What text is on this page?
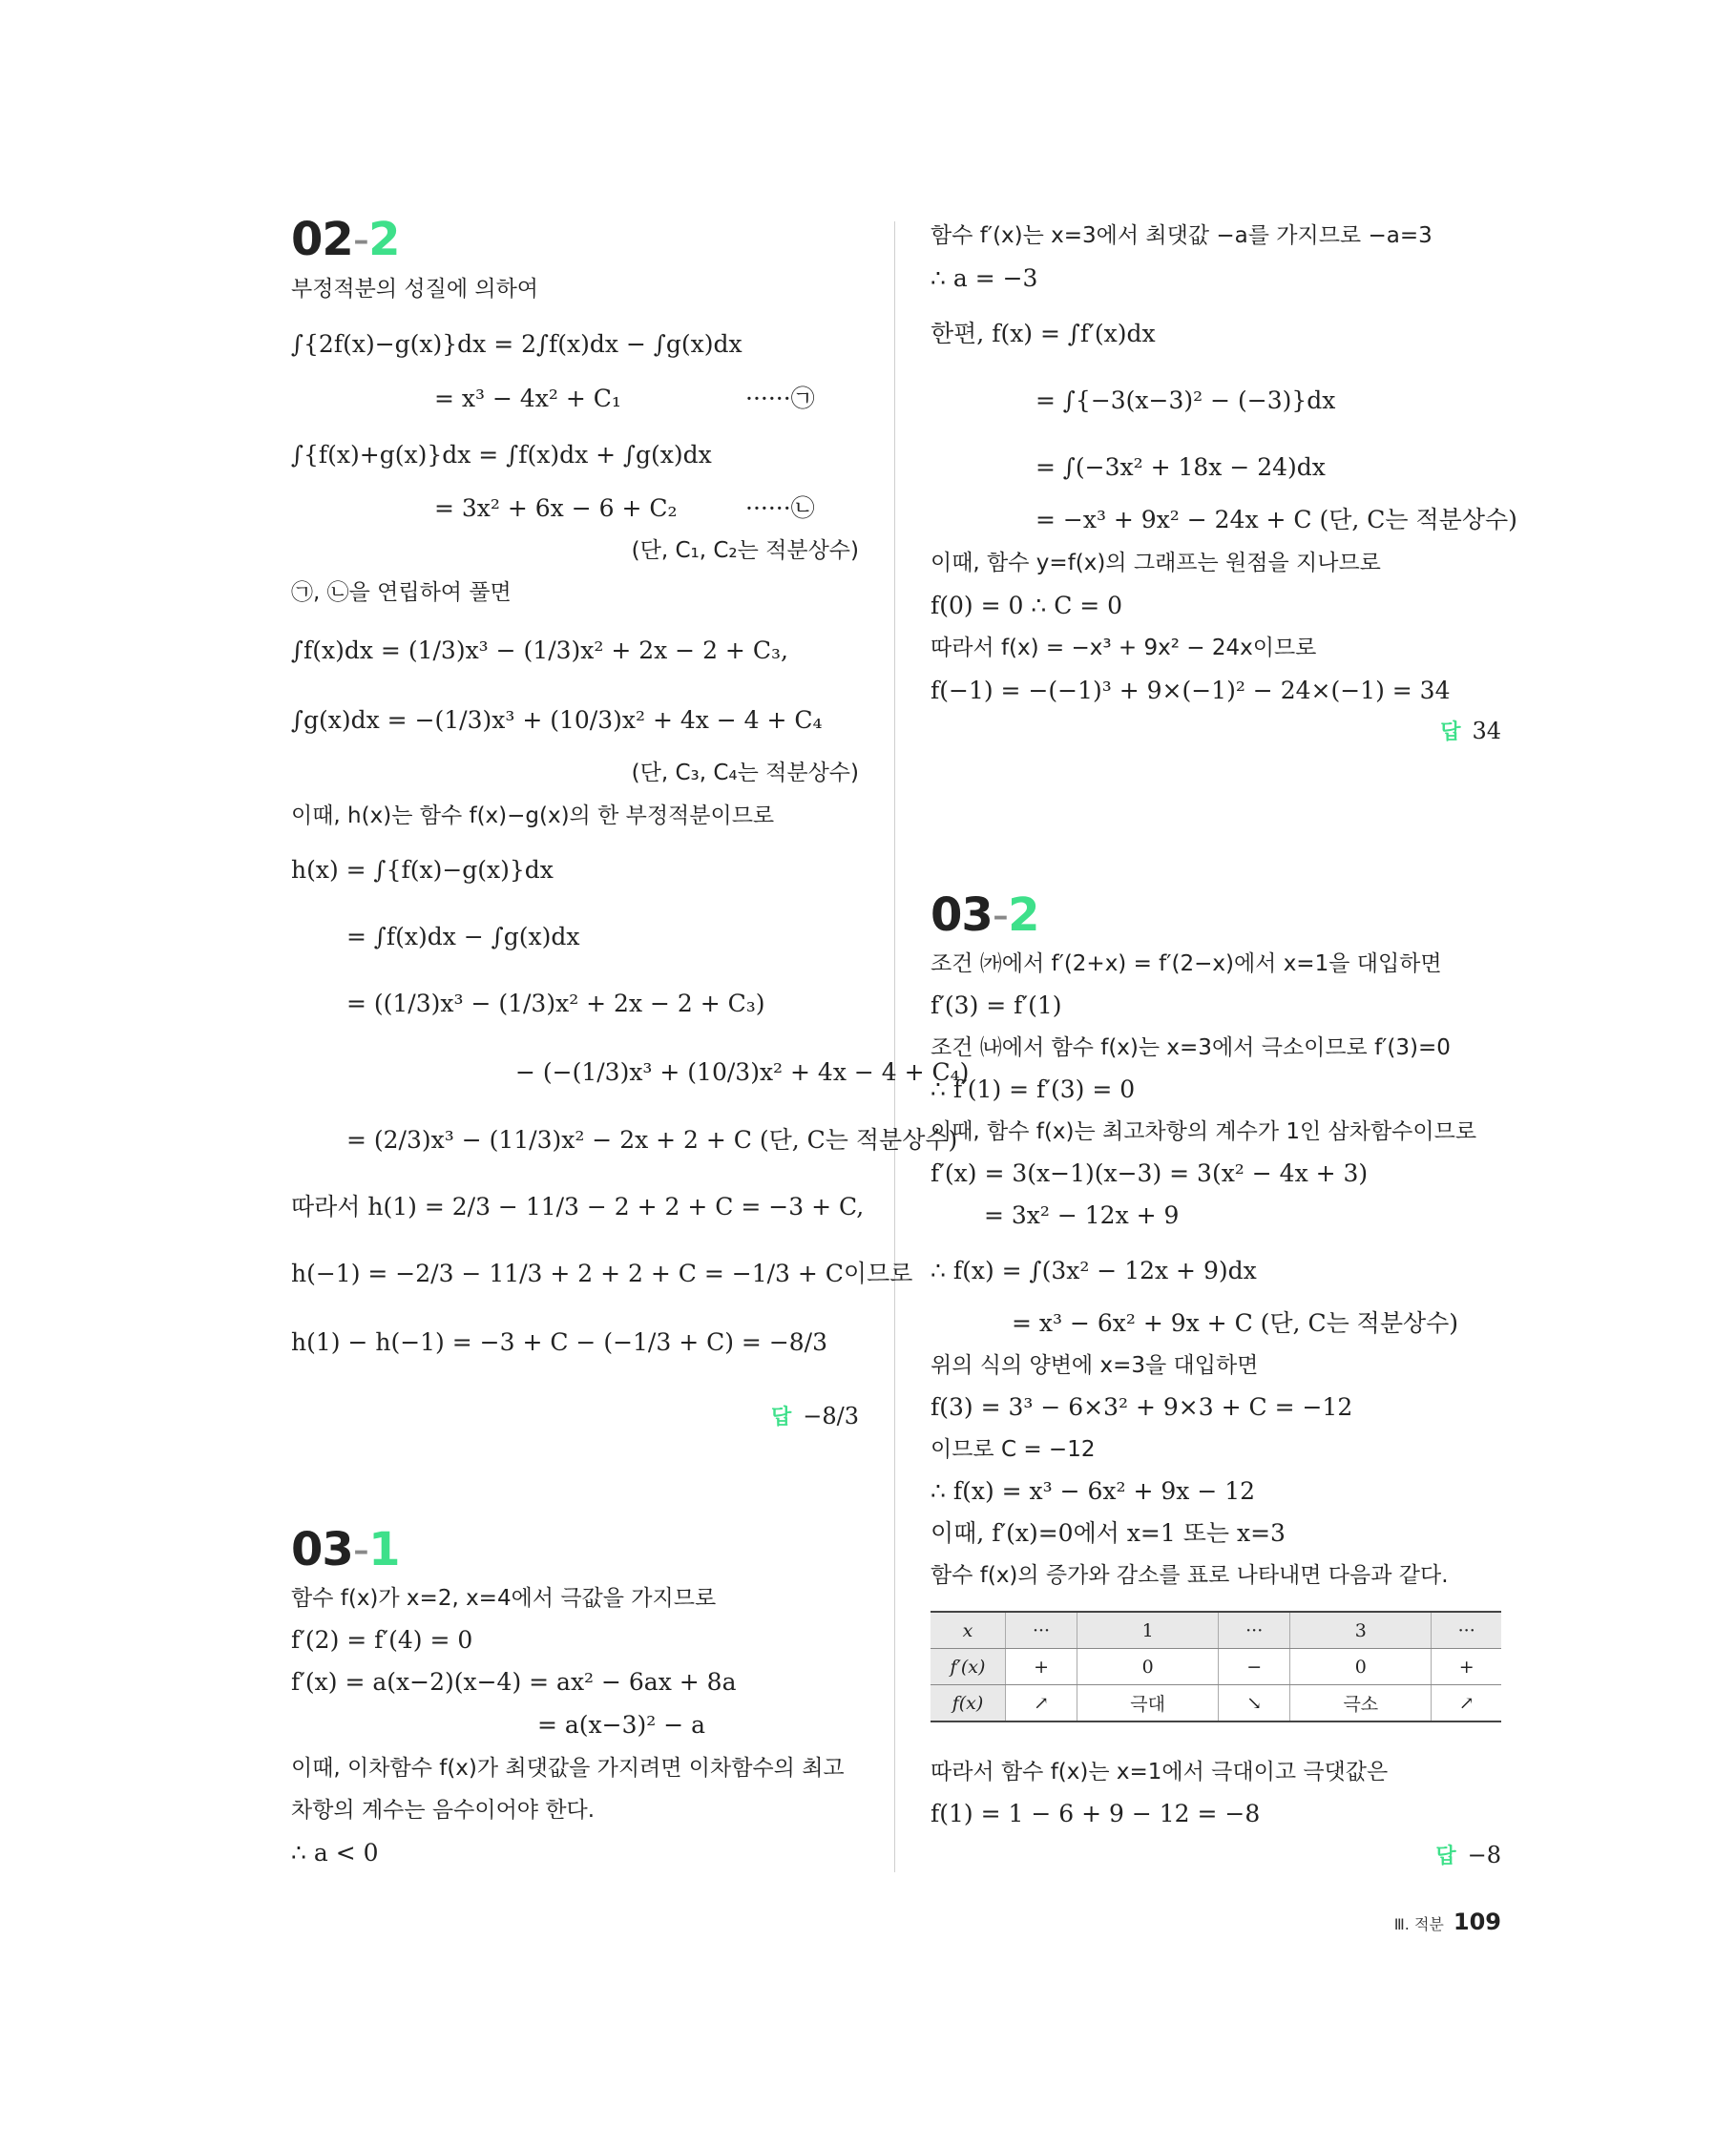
02-2
부정적분의 성질에 의하여
∫{2f(x)−g(x)}dx = 2∫f(x)dx − ∫g(x)dx
= x³ − 4x² + C₁	······㉠
∫{f(x)+g(x)}dx = ∫f(x)dx + ∫g(x)dx
= 3x² + 6x − 6 + C₂	······㉡
(단, C₁, C₂는 적분상수)
㉠, ㉡을 연립하여 풀면
∫f(x)dx = (1/3)x³ − (1/3)x² + 2x − 2 + C₃,
∫g(x)dx = −(1/3)x³ + (10/3)x² + 4x − 4 + C₄
(단, C₃, C₄는 적분상수)
이때, h(x)는 함수 f(x)−g(x)의 한 부정적분이므로
h(x) = ∫{f(x)−g(x)}dx
= ∫f(x)dx − ∫g(x)dx
= ((1/3)x³ − (1/3)x² + 2x − 2 + C₃)
− (−(1/3)x³ + (10/3)x² + 4x − 4 + C₄)
= (2/3)x³ − (11/3)x² − 2x + 2 + C (단, C는 적분상수)
따라서 h(1) = 2/3 − 11/3 − 2 + 2 + C = −3 + C,
h(−1) = −2/3 − 11/3 + 2 + 2 + C = −1/3 + C이므로
h(1) − h(−1) = −3 + C − (−1/3 + C) = −8/3
답 −8/3
03-1
함수 f(x)가 x=2, x=4에서 극값을 가지므로
f′(2) = f′(4) = 0
f′(x) = a(x−2)(x−4) = ax² − 6ax + 8a
= a(x−3)² − a
이때, 이차함수 f(x)가 최댓값을 가지려면 이차함수의 최고
차항의 계수는 음수이어야 한다.
∴ a < 0
함수 f′(x)는 x=3에서 최댓값 −a를 가지므로 −a=3
∴ a = −3
한편, f(x) = ∫f′(x)dx
= ∫{−3(x−3)² − (−3)}dx
= ∫(−3x² + 18x − 24)dx
= −x³ + 9x² − 24x + C (단, C는 적분상수)
이때, 함수 y=f(x)의 그래프는 원점을 지나므로
f(0) = 0 ∴ C = 0
따라서 f(x) = −x³ + 9x² − 24x이므로
f(−1) = −(−1)³ + 9×(−1)² − 24×(−1) = 34
답 34
03-2
조건 ㈎에서 f′(2+x) = f′(2−x)에서 x=1을 대입하면
f′(3) = f′(1)
조건 ㈏에서 함수 f(x)는 x=3에서 극소이므로 f′(3)=0
∴ f′(1) = f′(3) = 0
이때, 함수 f(x)는 최고차항의 계수가 1인 삼차함수이므로
f′(x) = 3(x−1)(x−3) = 3(x² − 4x + 3)
= 3x² − 12x + 9
∴ f(x) = ∫(3x² − 12x + 9)dx
= x³ − 6x² + 9x + C (단, C는 적분상수)
위의 식의 양변에 x=3을 대입하면
f(3) = 3³ − 6×3² + 9×3 + C = −12
이므로 C = −12
∴ f(x) = x³ − 6x² + 9x − 12
이때, f′(x)=0에서 x=1 또는 x=3
함수 f(x)의 증가와 감소를 표로 나타내면 다음과 같다.
x	···	1	···	3	···
f′(x)	+	0	−	0	+
f(x)	↗	극대	↘	극소	↗
따라서 함수 f(x)는 x=1에서 극대이고 극댓값은
f(1) = 1 − 6 + 9 − 12 = −8
답 −8
Ⅲ. 적분 109
